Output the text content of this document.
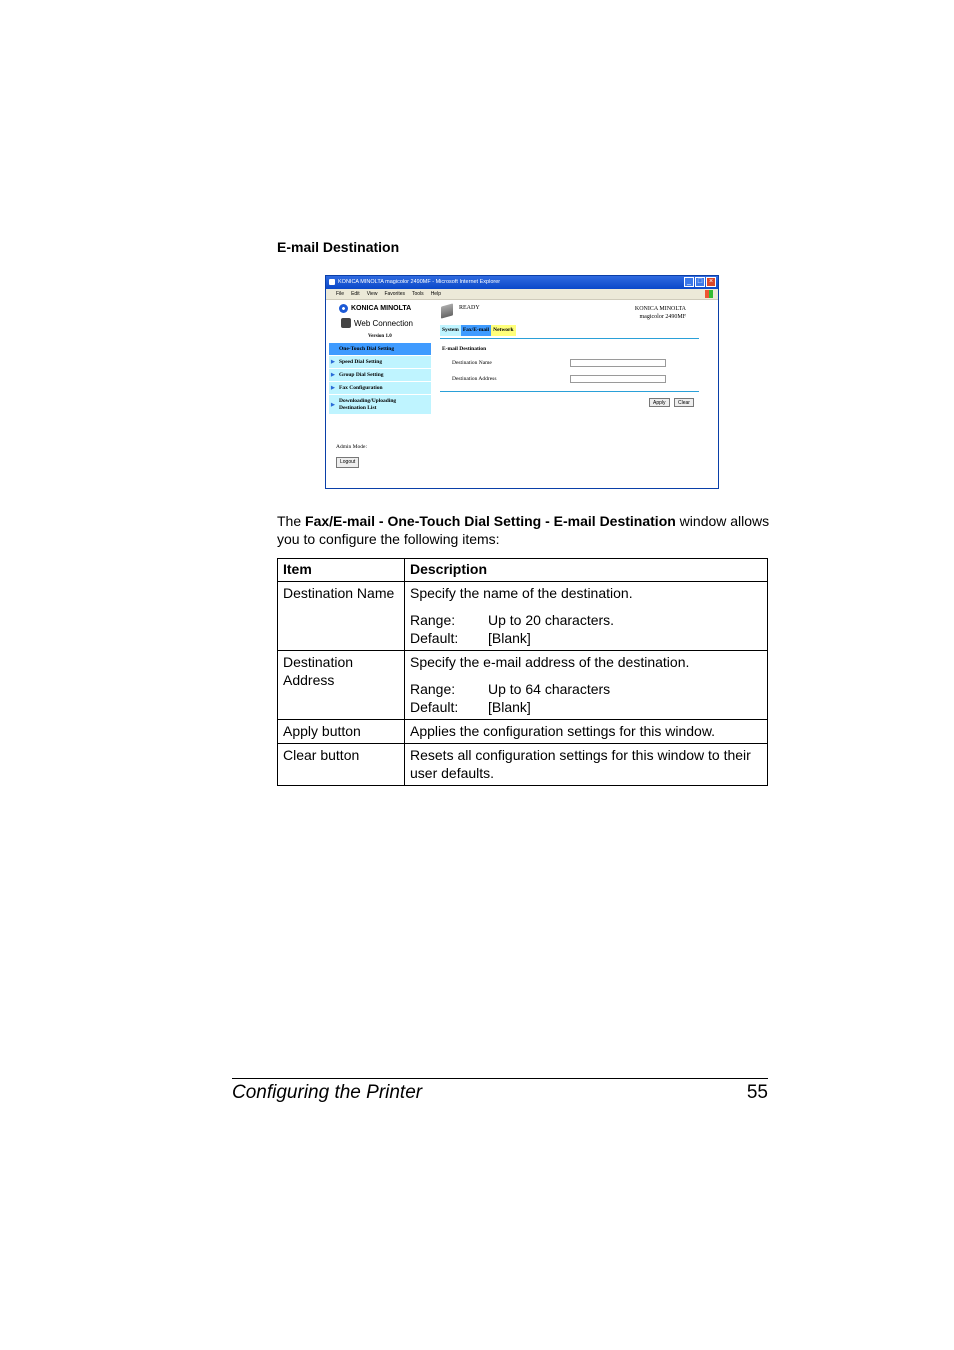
E-mail Destination
KONICA MINOLTA magicolor 2490MF - Microsoft Internet Explorer	_ □ ×
File Edit View Favorites Tools Help
KONICA MINOLTA
Web Connection
Version 1.0
One-Touch Dial Setting
▶ Speed Dial Setting
▶ Group Dial Setting
▶ Fax Configuration
▶
Downloading/Uploading Destination List
Admin Mode:
Logout
READY	KONICA MINOLTA
magicolor 2490MF
System Fax/E-mail Network
E-mail Destination
Destination Name
Destination Address
Apply	Clear
The Fax/E-mail - One-Touch Dial Setting - E-mail Destination window allows you to configure the following items:
Item	Description
Destination Name	Specify the name of the destination.
Range: Up to 20 characters.
Default: [Blank]

Destination Address	Specify the e-mail address of the destination.
Range: Up to 64 characters
Default: [Blank]

Apply button	Applies the configuration settings for this window.
Clear button	Resets all configuration settings for this window to their user defaults.
Configuring the Printer	55
